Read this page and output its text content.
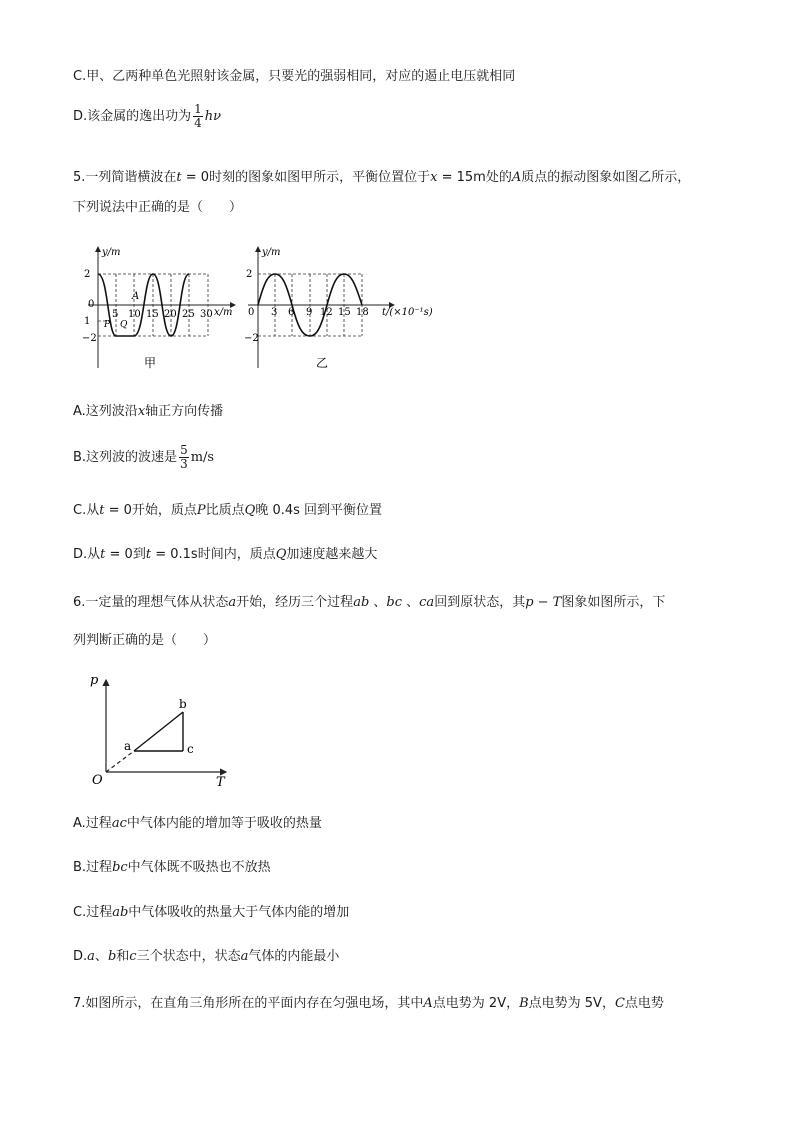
C.甲、乙两种单色光照射该金属，只要光的强弱相同，对应的遏止电压就相同
D.该金属的逸出功为 $\frac{1}{4}$ hν
5.一列简谐横波在t = 0时刻的图象如图甲所示，平衡位置位于x = 15m处的A质点的振动图象如图乙所示，
下列说法中正确的是（　　）
y/m
2
1
−2
0
5 10 15 20 25 30 x/m
A
P Q
甲
y/m
2
−2
0 3 6 9 12 15 18 t/(×10⁻¹s)
乙
A.这列波沿x轴正方向传播
B.这列波的波速是 $\frac{5}{3} m/s$
C.从t = 0开始，质点P比质点Q晚 0.4s 回到平衡位置
D.从t = 0到t = 0.1s时间内，质点Q加速度越来越大
6.一定量的理想气体从状态a开始，经历三个过程ab 、bc 、ca回到原状态，其p − T图象如图所示，下
列判断正确的是（　　）
p
T
O
a
b
c
A.过程ac中气体内能的增加等于吸收的热量
B.过程bc中气体既不吸热也不放热
C.过程ab中气体吸收的热量大于气体内能的增加
D.a、b和c三个状态中，状态a气体的内能最小
7.如图所示，在直角三角形所在的平面内存在匀强电场，其中A点电势为 2V，B点电势为 5V，C点电势
